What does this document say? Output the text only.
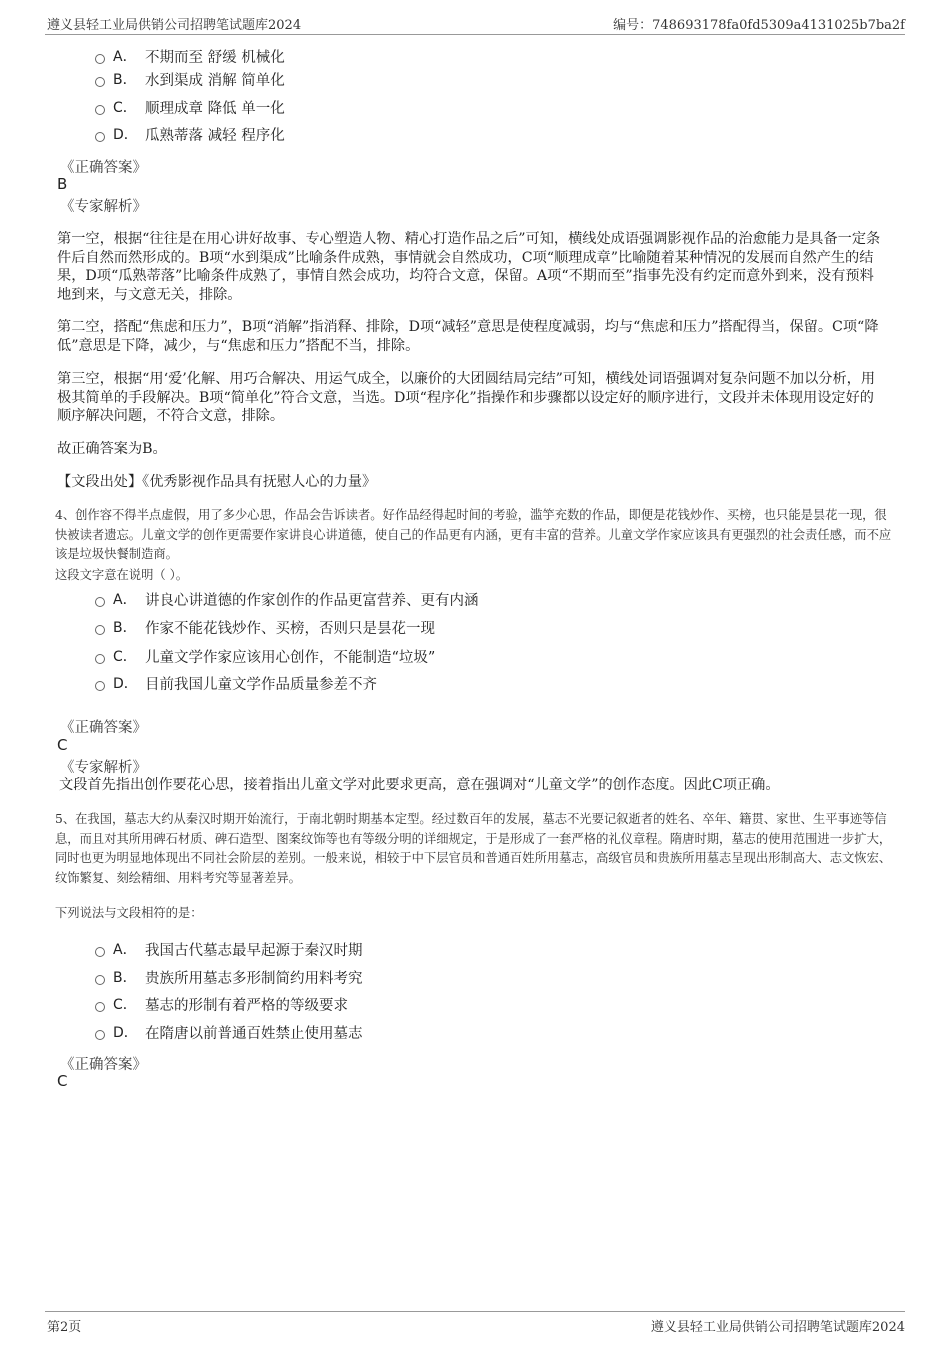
遵义县轻工业局供销公司招聘笔试题库2024	编号：748693178fa0fd5309a4131025b7ba2f
A． 不期而至 舒缓 机械化
B． 水到渠成 消解 简单化
C． 顺理成章 降低 单一化
D． 瓜熟蒂落 减轻 程序化
《正确答案》
B
《专家解析》

第一空，根据“往往是在用心讲好故事、专心塑造人物、精心打造作品之后”可知，横线处成语强调影视作品的治愈能力是具备一定条件后自然而然形成的。B项“水到渠成”比喻条件成熟，事情就会自然成功，C项“顺理成章”比喻随着某种情况的发展而自然产生的结果，D项“瓜熟蒂落”比喻条件成熟了，事情自然会成功，均符合文意，保留。A项“不期而至”指事先没有约定而意外到来，没有预料地到来，与文意无关，排除。

第二空，搭配“焦虑和压力”，B项“消解”指消释、排除，D项“减轻”意思是使程度减弱，均与“焦虑和压力”搭配得当，保留。C项“降低”意思是下降，减少，与“焦虑和压力”搭配不当，排除。

第三空，根据“用‘爱’化解、用巧合解决、用运气成全，以廉价的大团圆结局完结”可知，横线处词语强调对复杂问题不加以分析，用极其简单的手段解决。B项“简单化”符合文意，当选。D项“程序化”指操作和步骤都以设定好的顺序进行，文段并未体现用设定好的顺序解决问题，不符合文意，排除。

故正确答案为B。

【文段出处】《优秀影视作品具有抚慰人心的力量》

4、创作容不得半点虚假，用了多少心思，作品会告诉读者。好作品经得起时间的考验，滥竽充数的作品，即便是花钱炒作、买榜，也只能是昙花一现，很快被读者遗忘。儿童文学的创作更需要作家讲良心讲道德，使自己的作品更有内涵，更有丰富的营养。儿童文学作家应该具有更强烈的社会责任感，而不应该是垃圾快餐制造商。

这段文字意在说明（ ）。

A． 讲良心讲道德的作家创作的作品更富营养、更有内涵
B． 作家不能花钱炒作、买榜，否则只是昙花一现
C． 儿童文学作家应该用心创作，不能制造“垃圾”
D． 目前我国儿童文学作品质量参差不齐
《正确答案》
C
《专家解析》

文段首先指出创作要花心思，接着指出儿童文学对此要求更高，意在强调对“儿童文学”的创作态度。因此C项正确。

5、在我国，墓志大约从秦汉时期开始流行，于南北朝时期基本定型。经过数百年的发展，墓志不光要记叙逝者的姓名、卒年、籍贯、家世、生平事迹等信息，而且对其所用碑石材质、碑石造型、图案纹饰等也有等级分明的详细规定，于是形成了一套严格的礼仪章程。隋唐时期，墓志的使用范围进一步扩大，同时也更为明显地体现出不同社会阶层的差别。一般来说，相较于中下层官员和普通百姓所用墓志，高级官员和贵族所用墓志呈现出形制高大、志文恢宏、纹饰繁复、刻绘精细、用料考究等显著差异。

下列说法与文段相符的是：

A． 我国古代墓志最早起源于秦汉时期
B． 贵族所用墓志多形制简约用料考究
C． 墓志的形制有着严格的等级要求
D． 在隋唐以前普通百姓禁止使用墓志
《正确答案》
C
第2页	遵义县轻工业局供销公司招聘笔试题库2024
